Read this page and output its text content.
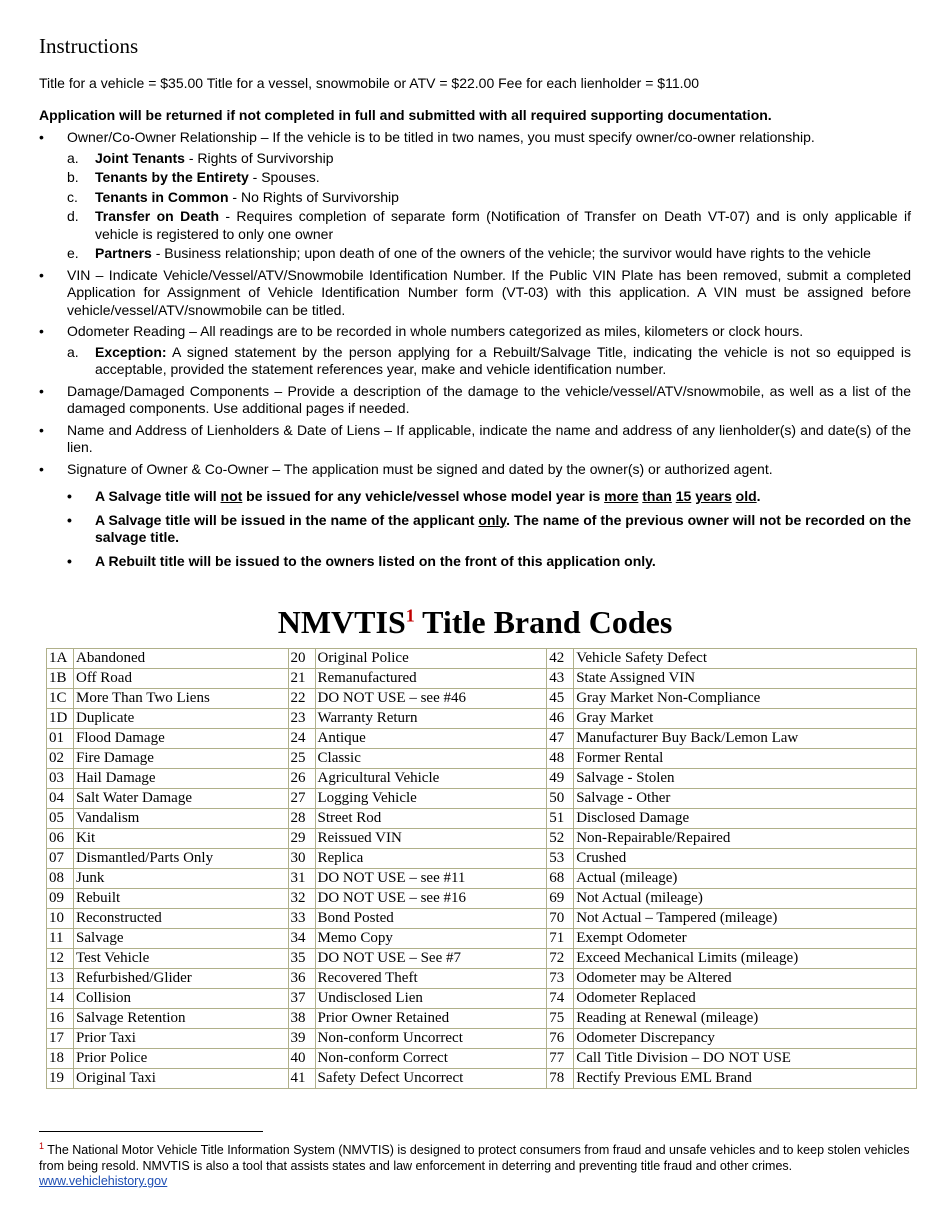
Instructions
Title for a vehicle = $35.00 Title for a vessel, snowmobile or ATV = $22.00 Fee for each lienholder = $11.00
Application will be returned if not completed in full and submitted with all required supporting documentation.
• Owner/Co-Owner Relationship – If the vehicle is to be titled in two names, you must specify owner/co-owner relationship.
a. Joint Tenants - Rights of Survivorship
b. Tenants by the Entirety - Spouses.
c. Tenants in Common - No Rights of Survivorship
d. Transfer on Death - Requires completion of separate form (Notification of Transfer on Death VT-07) and is only applicable if vehicle is registered to only one owner
e. Partners - Business relationship; upon death of one of the owners of the vehicle; the survivor would have rights to the vehicle
• VIN – Indicate Vehicle/Vessel/ATV/Snowmobile Identification Number. If the Public VIN Plate has been removed, submit a completed Application for Assignment of Vehicle Identification Number form (VT-03) with this application. A VIN must be assigned before vehicle/vessel/ATV/snowmobile can be titled.
• Odometer Reading – All readings are to be recorded in whole numbers categorized as miles, kilometers or clock hours.
a. Exception: A signed statement by the person applying for a Rebuilt/Salvage Title, indicating the vehicle is not so equipped is acceptable, provided the statement references year, make and vehicle identification number.
• Damage/Damaged Components – Provide a description of the damage to the vehicle/vessel/ATV/snowmobile, as well as a list of the damaged components. Use additional pages if needed.
• Name and Address of Lienholders & Date of Liens – If applicable, indicate the name and address of any lienholder(s) and date(s) of the lien.
• Signature of Owner & Co-Owner – The application must be signed and dated by the owner(s) or authorized agent.
• A Salvage title will not be issued for any vehicle/vessel whose model year is more than 15 years old.
• A Salvage title will be issued in the name of the applicant only. The name of the previous owner will not be recorded on the salvage title.
• A Rebuilt title will be issued to the owners listed on the front of this application only.
NMVTIS$^1$ Title Brand Codes
1A	Abandoned	20	Original Police	42	Vehicle Safety Defect
1B	Off Road	21	Remanufactured	43	State Assigned VIN
1C	More Than Two Liens	22	DO NOT USE – see #46	45	Gray Market Non-Compliance
1D	Duplicate	23	Warranty Return	46	Gray Market
01	Flood Damage	24	Antique	47	Manufacturer Buy Back/Lemon Law
02	Fire Damage	25	Classic	48	Former Rental
03	Hail Damage	26	Agricultural Vehicle	49	Salvage - Stolen
04	Salt Water Damage	27	Logging Vehicle	50	Salvage - Other
05	Vandalism	28	Street Rod	51	Disclosed Damage
06	Kit	29	Reissued VIN	52	Non-Repairable/Repaired
07	Dismantled/Parts Only	30	Replica	53	Crushed
08	Junk	31	DO NOT USE – see #11	68	Actual (mileage)
09	Rebuilt	32	DO NOT USE – see #16	69	Not Actual (mileage)
10	Reconstructed	33	Bond Posted	70	Not Actual – Tampered (mileage)
11	Salvage	34	Memo Copy	71	Exempt Odometer
12	Test Vehicle	35	DO NOT USE – See #7	72	Exceed Mechanical Limits (mileage)
13	Refurbished/Glider	36	Recovered Theft	73	Odometer may be Altered
14	Collision	37	Undisclosed Lien	74	Odometer Replaced
16	Salvage Retention	38	Prior Owner Retained	75	Reading at Renewal (mileage)
17	Prior Taxi	39	Non-conform Uncorrect	76	Odometer Discrepancy
18	Prior Police	40	Non-conform Correct	77	Call Title Division – DO NOT USE
19	Original Taxi	41	Safety Defect Uncorrect	78	Rectify Previous EML Brand
$^1$ The National Motor Vehicle Title Information System (NMVTIS) is designed to protect consumers from fraud and unsafe vehicles and to keep stolen vehicles from being resold. NMVTIS is also a tool that assists states and law enforcement in deterring and preventing title fraud and other crimes.
www.vehiclehistory.gov
